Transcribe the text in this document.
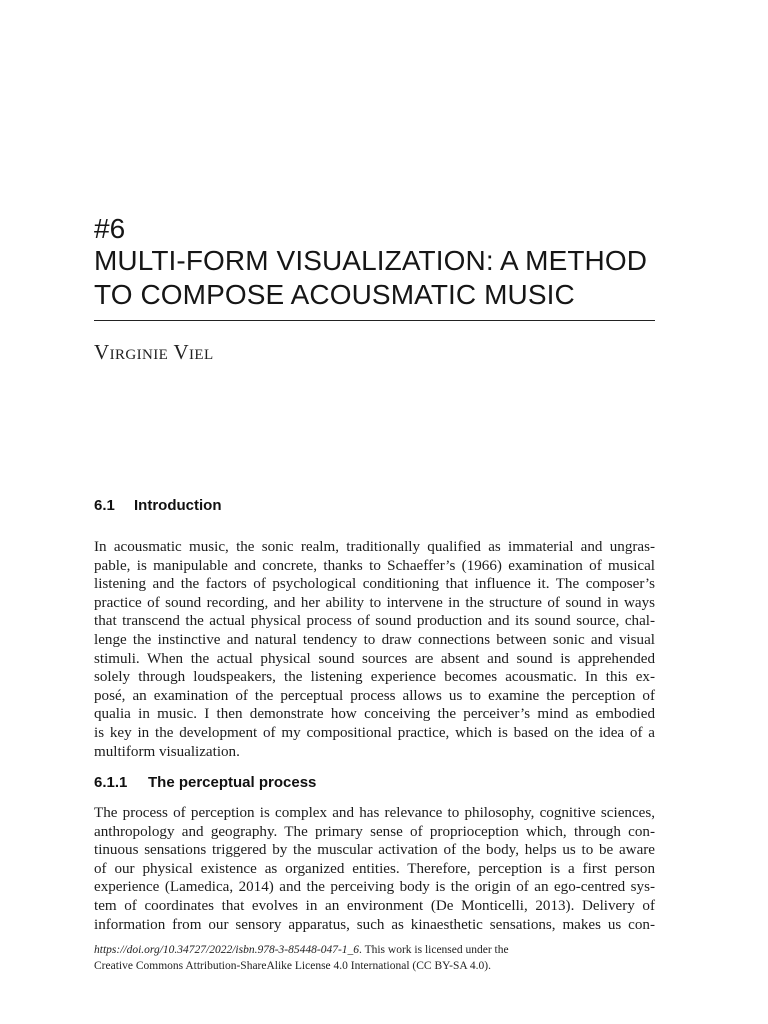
#6
MULTI-FORM VISUALIZATION: A METHOD
TO COMPOSE ACOUSMATIC MUSIC
Virginie Viel
6.1 Introduction
In acousmatic music, the sonic realm, traditionally qualified as immaterial and ungras-
pable, is manipulable and concrete, thanks to Schaeffer’s (1966) examination of musical
listening and the factors of psychological conditioning that influence it. The composer’s
practice of sound recording, and her ability to intervene in the structure of sound in ways
that transcend the actual physical process of sound production and its sound source, chal-
lenge the instinctive and natural tendency to draw connections between sonic and visual
stimuli. When the actual physical sound sources are absent and sound is apprehended
solely through loudspeakers, the listening experience becomes acousmatic. In this ex-
posé, an examination of the perceptual process allows us to examine the perception of
qualia in music. I then demonstrate how conceiving the perceiver’s mind as embodied
is key in the development of my compositional practice, which is based on the idea of a
multiform visualization.
6.1.1 The perceptual process
The process of perception is complex and has relevance to philosophy, cognitive sciences,
anthropology and geography. The primary sense of proprioception which, through con-
tinuous sensations triggered by the muscular activation of the body, helps us to be aware
of our physical existence as organized entities. Therefore, perception is a first person
experience (Lamedica, 2014) and the perceiving body is the origin of an ego-centred sys-
tem of coordinates that evolves in an environment (De Monticelli, 2013). Delivery of
information from our sensory apparatus, such as kinaesthetic sensations, makes us con-
https://doi.org/10.34727/2022/isbn.978-3-85448-047-1_6. This work is licensed under the
Creative Commons Attribution-ShareAlike License 4.0 International (CC BY-SA 4.0).
